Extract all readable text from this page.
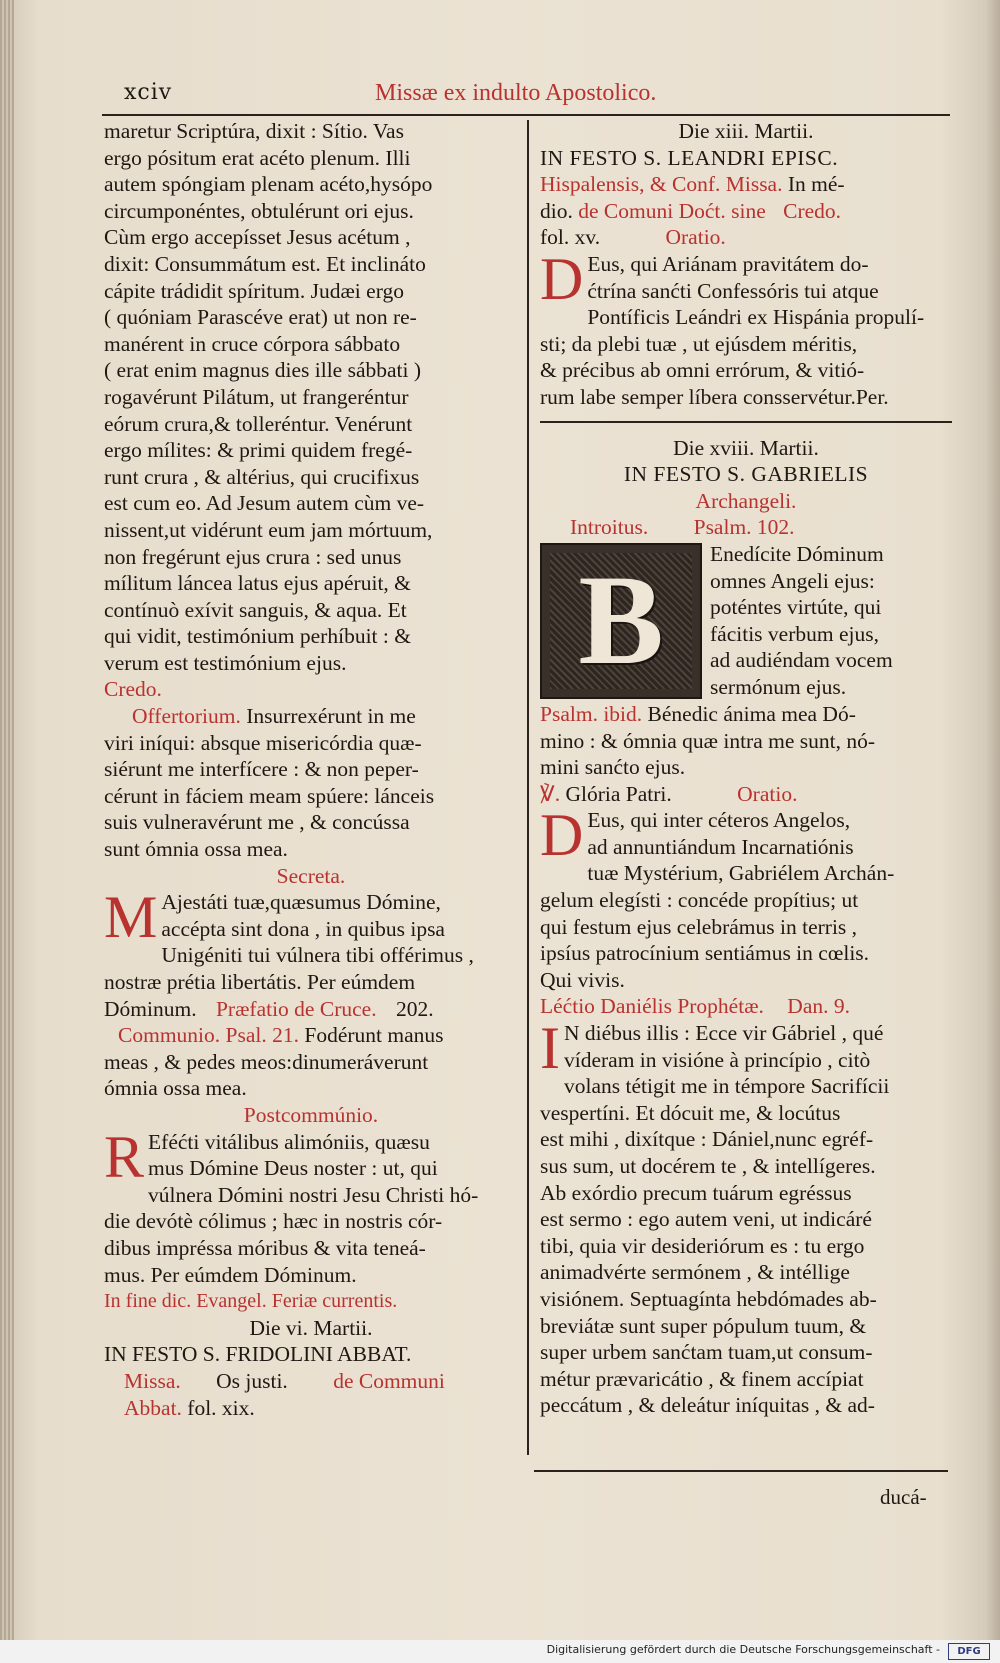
xciv	Missæ ex indulto Apostolico.
maretur Scriptúra, dixit : Sítio. Vas
ergo pósitum erat acéto plenum. Illi
autem spóngiam plenam acéto,hysópo
circumponéntes, obtulérunt ori ejus.
Cùm ergo accepísset Jesus acétum ,
dixit: Consummátum est. Et inclináto
cápite trádidit spíritum. Judæi ergo
( quóniam Parascéve erat) ut non re-
manérent in cruce córpora sábbato
( erat enim magnus dies ille sábbati )
rogavérunt Pilátum, ut frangeréntur
eórum crura,& tolleréntur. Venérunt
ergo mílites: & primi quidem fregé-
runt crura , & altérius, qui crucifixus
est cum eo. Ad Jesum autem cùm ve-
nissent,ut vidérunt eum jam mórtuum,
non fregérunt ejus crura : sed unus
mílitum láncea latus ejus apéruit, &
contínuò exívit sanguis, & aqua. Et
qui vidit, testimónium perhíbuit : &
verum est testimónium ejus.
Credo.
Offertorium. Insurrexérunt in me
viri iníqui: absque misericórdia quæ-
siérunt me interfícere : & non peper-
cérunt in fáciem meam spúere: lánceis
suis vulneravérunt me , & concússa
sunt ómnia ossa mea.
Secreta.
M Ajestáti tuæ,quæsumus Dómine,
accépta sint dona , in quibus ipsa
Unigéniti tui vúlnera tibi offérimus ,
nostræ prétia libertátis. Per eúmdem
Dóminum. Præfatio de Cruce. 202.
Communio. Psal. 21. Fodérunt manus
meas , & pedes meos:dinumeráverunt
ómnia ossa mea.
Postcommúnio.
R Eféćti vitálibus alimóniis, quæsu
mus Dómine Deus noster : ut, qui
vúlnera Dómini nostri Jesu Christi hó-
die devótè cólimus ; hæc in nostris cór-
dibus impréssa móribus & vita teneá-
mus. Per eúmdem Dóminum.
In fine dic. Evangel. Feriæ currentis.
Die vi. Martii.
IN FESTO S. FRIDOLINI ABBAT.
Missa. Os justi. de Communi
Abbat. fol. xix.
Die xiii. Martii.
IN FESTO S. LEANDRI EPISC.
Hispalensis, & Conf. Missa. In mé-
dio. de Comuni Doćt. sine Credo.
fol. xv.	Oratio.
D Eus, qui Ariánam pravitátem do-
ćtrína sanćti Confessóris tui atque
Pontíficis Leándri ex Hispánia propulí-
sti; da plebi tuæ , ut ejúsdem méritis,
& précibus ab omni errórum, & vitió-
rum labe semper líbera consservétur.Per.
Die xviii. Martii.
IN FESTO S. GABRIELIS
Archangeli.
Introitus. Psalm. 102.
B	Enedícite Dóminum
omnes Angeli ejus:
poténtes virtúte, qui
fácitis verbum ejus,
ad audiéndam vocem
sermónum ejus.
Psalm. ibid. Bénedic ánima mea Dó-
mino : & ómnia quæ intra me sunt, nó-
mini sanćto ejus.
℣. Glória Patri.	Oratio.
D Eus, qui inter céteros Angelos,
ad annuntiándum Incarnatiónis
tuæ Mystérium, Gabriélem Archán-
gelum elegísti : concéde propítius; ut
qui festum ejus celebrámus in terris ,
ipsíus patrocínium sentiámus in cœlis.
Qui vivis.
Léćtio Daniélis Prophétæ. Dan. 9.
I N diébus illis : Ecce vir Gábriel , qué
víderam in visióne à princípio , citò
volans tétigit me in témpore Sacrifícii
vespertíni. Et dócuit me, & locútus
est mihi , dixítque : Dániel,nunc egréf-
sus sum, ut docérem te , & intellígeres.
Ab exórdio precum tuárum egréssus
est sermo : ego autem veni, ut indicáré
tibi, quia vir desideriórum es : tu ergo
animadvérte sermónem , & intéllige
visiónem. Septuagínta hebdómades ab-
breviátæ sunt super pópulum tuum, &
super urbem sanćtam tuam,ut consum-
métur prævaricátio , & finem accípiat
peccátum , & deleátur iníquitas , & ad-
ducá-
Digitalisierung gefördert durch die Deutsche Forschungsgemeinschaft -	DFG
